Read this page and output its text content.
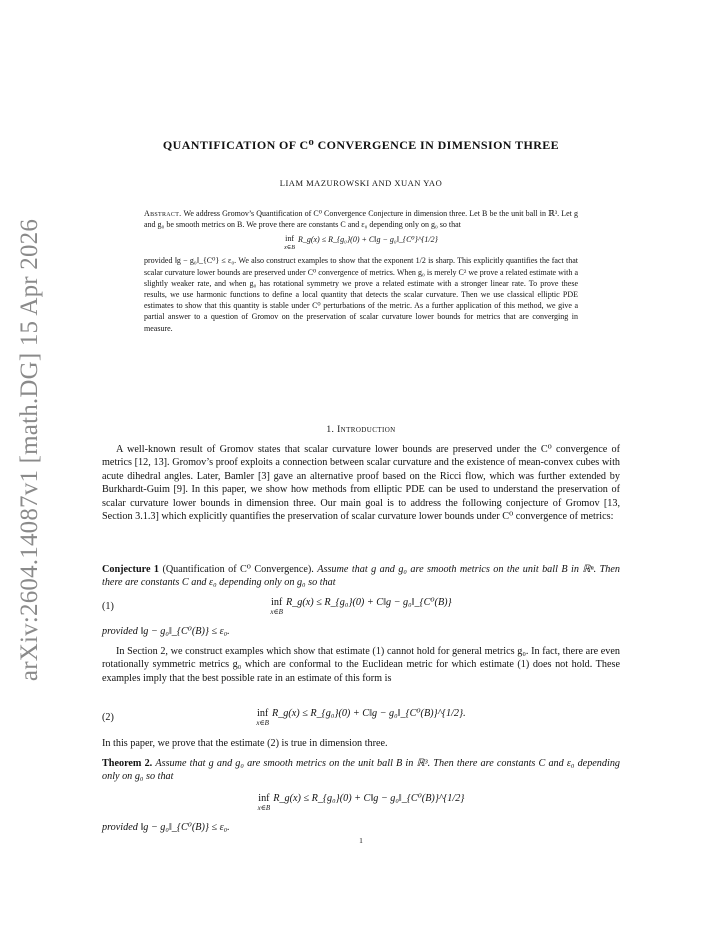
arXiv:2604.14087v1 [math.DG] 15 Apr 2026
QUANTIFICATION OF C⁰ CONVERGENCE IN DIMENSION THREE
LIAM MAZUROWSKI AND XUAN YAO
Abstract. We address Gromov’s Quantification of C⁰ Convergence Conjecture in dimension three. Let B be the unit ball in ℝ³. Let g and g₀ be smooth metrics on B. We prove there are constants C and ε₀ depending only on g₀ so that
inf
x∈B
R_g(x) ≤ R_{g₀}(0) + C‖g − g₀‖_{C⁰}^{1/2}
provided ‖g − g₀‖_{C⁰} ≤ ε₀. We also construct examples to show that the exponent 1/2 is sharp. This explicitly quantifies the fact that scalar curvature lower bounds are preserved under C⁰ convergence of metrics. When g₀ is merely C² we prove a related estimate with a slightly weaker rate, and when g₀ has rotational symmetry we prove a related estimate with a stronger linear rate. To prove these results, we use harmonic functions to define a local quantity that detects the scalar curvature. Then we use classical elliptic PDE estimates to show that this quantity is stable under C⁰ perturbations of the metric. As a further application of this method, we give a partial answer to a question of Gromov on the preservation of scalar curvature lower bounds for metrics that are converging in measure.
1. Introduction
A well-known result of Gromov states that scalar curvature lower bounds are preserved under the C⁰ convergence of metrics [12, 13]. Gromov’s proof exploits a connection between scalar curvature and the existence of mean-convex cubes with acute dihedral angles. Later, Bamler [3] gave an alternative proof based on the Ricci flow, which was further extended by Burkhardt-Guim [9]. In this paper, we show how methods from elliptic PDE can be used to understand the preservation of scalar curvature lower bounds in dimension three. Our main goal is to address the following conjecture of Gromov [13, Section 3.1.3] which explicitly quantifies the preservation of scalar curvature lower bounds under C⁰ convergence of metrics:
Conjecture 1 (Quantification of C⁰ Convergence). Assume that g and g₀ are smooth metrics on the unit ball B in ℝⁿ. Then there are constants C and ε₀ depending only on g₀ so that
(1)	inf
x∈B
R_g(x) ≤ R_{g₀}(0) + C‖g − g₀‖_{C⁰(B)}
provided ‖g − g₀‖_{C⁰(B)} ≤ ε₀.
In Section 2, we construct examples which show that estimate (1) cannot hold for general metrics g₀. In fact, there are even rotationally symmetric metrics g₀ which are conformal to the Euclidean metric for which estimate (1) does not hold. These examples imply that the best possible rate in an estimate of this form is
(2)	inf
x∈B
R_g(x) ≤ R_{g₀}(0) + C‖g − g₀‖_{C⁰(B)}^{1/2}.
In this paper, we prove that the estimate (2) is true in dimension three.
Theorem 2. Assume that g and g₀ are smooth metrics on the unit ball B in ℝ³. Then there are constants C and ε₀ depending only on g₀ so that
inf
x∈B
R_g(x) ≤ R_{g₀}(0) + C‖g − g₀‖_{C⁰(B)}^{1/2}
provided ‖g − g₀‖_{C⁰(B)} ≤ ε₀.
1
